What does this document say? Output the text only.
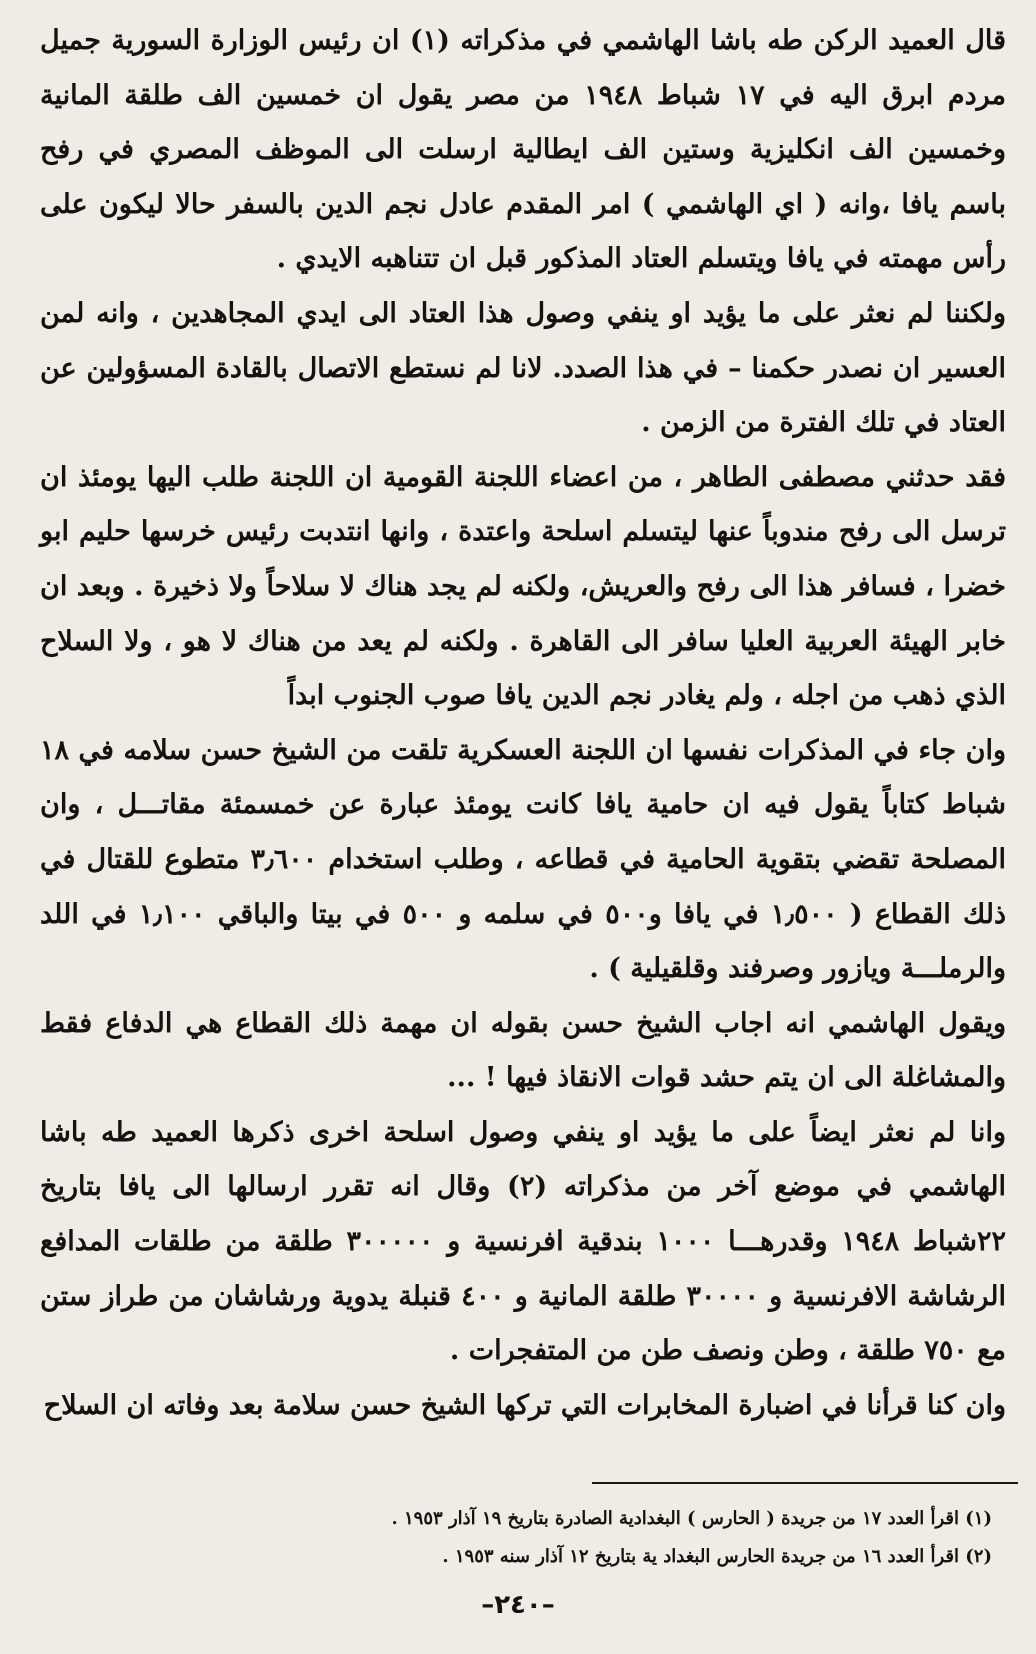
قال العميد الركن طه باشا الهاشمي في مذكراته (١) ان رئيس الوزارة السورية جميل مردم ابرق اليه في ١٧ شباط ١٩٤٨ من مصر يقول ان خمسين الف طلقة المانية وخمسين الف انكليزية وستين الف ايطالية ارسلت الى الموظف المصري في رفح باسم يافا ،وانه ( اي الهاشمي ) امر المقدم عادل نجم الدين بالسفر حالا ليكون على رأس مهمته في يافا ويتسلم العتاد المذكور قبل ان تتناهبه الايدي .

ولكننا لم نعثر على ما يؤيد او ينفي وصول هذا العتاد الى ايدي المجاهدين ، وانه لمن العسير ان نصدر حكمنا – في هذا الصدد. لانا لم نستطع الاتصال بالقادة المسؤولين عن العتاد في تلك الفترة من الزمن .

فقد حدثني مصطفى الطاهر ، من اعضاء اللجنة القومية ان اللجنة طلب اليها يومئذ ان ترسل الى رفح مندوباً عنها ليتسلم اسلحة واعتدة ، وانها انتدبت رئيس خرسها حليم ابو خضرا ، فسافر هذا الى رفح والعريش، ولكنه لم يجد هناك لا سلاحاً ولا ذخيرة . وبعد ان خابر الهيئة العربية العليا سافر الى القاهرة . ولكنه لم يعد من هناك لا هو ، ولا السلاح الذي ذهب من اجله ، ولم يغادر نجم الدين يافا صوب الجنوب ابداً

وان جاء في المذكرات نفسها ان اللجنة العسكرية تلقت من الشيخ حسن سلامه في ١٨ شباط كتاباً يقول فيه ان حامية يافا كانت يومئذ عبارة عن خمسمئة مقاتـــل ، وان المصلحة تقضي بتقوية الحامية في قطاعه ، وطلب استخدام ٣٫٦٠٠ متطوع للقتال في ذلك القطاع ( ١٫٥٠٠ في يافا و٥٠٠ في سلمه و ٥٠٠ في بيتا والباقي ١٫١٠٠ في اللد والرملـــة ويازور وصرفند وقلقيلية ) .

ويقول الهاشمي انه اجاب الشيخ حسن بقوله ان مهمة ذلك القطاع هي الدفاع فقط والمشاغلة الى ان يتم حشد قوات الانقاذ فيها ! ...

وانا لم نعثر ايضاً على ما يؤيد او ينفي وصول اسلحة اخرى ذكرها العميد طه باشا الهاشمي في موضع آخر من مذكراته (٢) وقال انه تقرر ارسالها الى يافا بتاريخ ٢٢شباط ١٩٤٨ وقدرهـــا ١٠٠٠ بندقية افرنسية و ٣٠٠٠٠٠ طلقة من طلقات المدافع الرشاشة الافرنسية و ٣٠٠٠٠ طلقة المانية و ٤٠٠ قنبلة يدوية ورشاشان من طراز ستن مع ٧٥٠ طلقة ، وطن ونصف طن من المتفجرات .

وان كنا قرأنا في اضبارة المخابرات التي تركها الشيخ حسن سلامة بعد وفاته ان السلاح

(١) اقرأ العدد ١٧ من جريدة ( الحارس ) البغدادية الصادرة بتاريخ ١٩ آذار ١٩٥٣ .

(٢) اقرأ العدد ١٦ من جريدة الحارس البغداد ية بتاريخ ١٢ آذار سنه ١٩٥٣ .

–٢٤٠–
